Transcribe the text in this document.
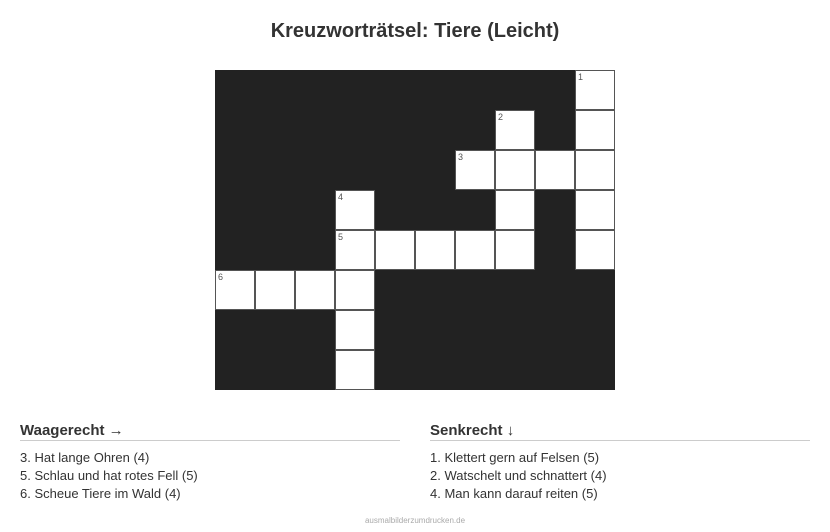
Kreuzworträtsel: Tiere (Leicht)
1
2
3
4
5
6
Waagerecht →
3. Hat lange Ohren (4)
5. Schlau und hat rotes Fell (5)
6. Scheue Tiere im Wald (4)
Senkrecht ↓
1. Klettert gern auf Felsen (5)
2. Watschelt und schnattert (4)
4. Man kann darauf reiten (5)
ausmalbilderzumdrucken.de
